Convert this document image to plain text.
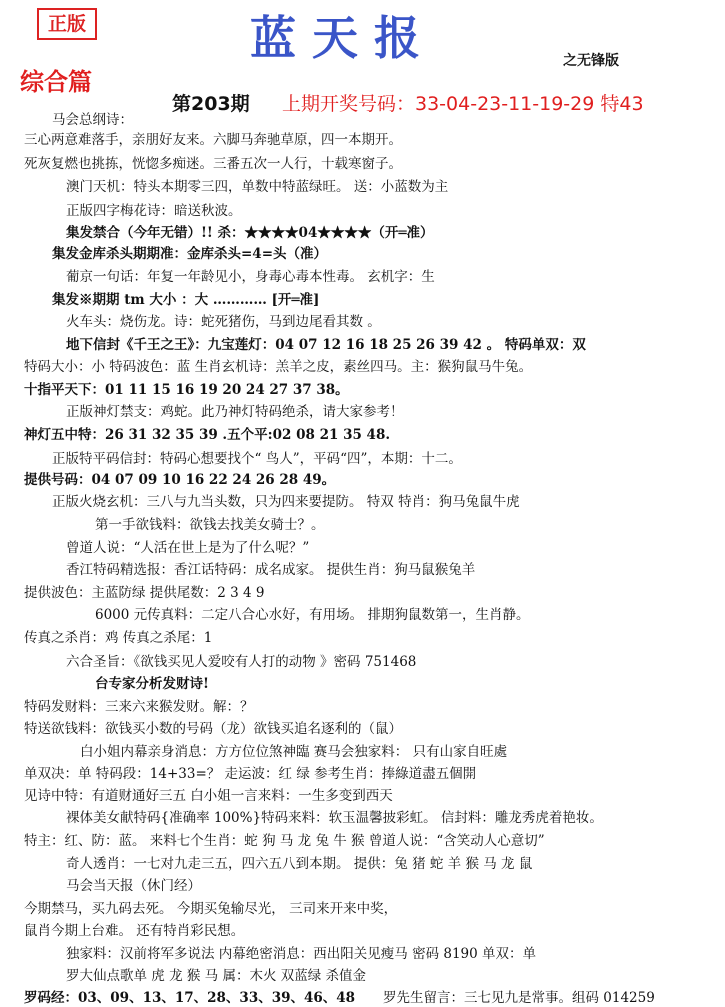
正版	蓝天报	之无锋版
综合篇
第203期 上期开奖号码：33-04-23-11-19-29 特43
马会总纲诗：
三心两意难落手，亲朋好友来。六脚马奔驰草原，四一本期开。
死灰复燃也挑拣，恍惚多痴迷。三番五次一人行，十载寒窗子。
澳门天机：特头本期零三四，单数中特蓝绿旺。 送：小蓝数为主
正版四字梅花诗：暗送秋波。
集发禁合（今年无错）!! 杀：★★★★04★★★★（开═准）
集发金库杀头期期准：金库杀头=4=头（准）
葡京一句话：年复一年龄见小，身毒心毒本性毒。 玄机字：生
集发※期期 tm 大小 ：大 ………… [开═准]
火车头：烧伤龙。诗：蛇死猪伤，马到边尾看其数 。
地下信封《千王之王》：九宝莲灯：04 07 12 16 18 25 26 39 42 。 特码单双：双
特码大小：小 特码波色：蓝 生肖玄机诗：羔羊之皮，素丝四马。主：猴狗鼠马牛兔。
十指平天下：01 11 15 16 19 20 24 27 37 38。
正版神灯禁支：鸡蛇。此乃神灯特码绝杀，请大家参考！
神灯五中特：26 31 32 35 39 .五个平:02 08 21 35 48.
正版特平码信封：特码心想要找个“ 鸟人”，平码“四”，本期：十二。
提供号码：04 07 09 10 16 22 24 26 28 49。
正版火烧玄机：三八与九当头数，只为四来要提防。 特双 特肖：狗马兔鼠牛虎
第一手欲钱料：欲钱去找美女骑士？。
曾道人说：“人活在世上是为了什么呢？”
香江特码精选报：香江话特码：成名成家。 提供生肖：狗马鼠猴兔羊
提供波色：主蓝防绿 提供尾数：2 3 4 9
6000 元传真料：二定八合心水好，有用场。 排期狗鼠数第一，生肖静。
传真之杀肖：鸡 传真之杀尾：1
六合圣旨：《欲钱买见人爱咬有人打的动物 》密码 751468
台专家分析发财诗!
特码发财料：三来六来猴发财。解：？
特送欲钱料：欲钱买小数的号码（龙）欲钱买追名逐利的（鼠）
白小姐内幕亲身消息：方方位位煞神臨 赛马会独家料： 只有山家自旺處
单双决：单 特码段：14+33=？ 走运波：红 绿 参考生肖：捧綠道盡五個開
见诗中特：有道财通好三五 白小姐一言来料：一生多变到西天
裸体美女献特码{准确率 100%}特码来料：软玉温馨披彩虹。 信封料：雕龙秀虎着艳妆。
特主：红、防：蓝。 来料七个生肖：蛇 狗 马 龙 兔 牛 猴 曾道人说：“含笑动人心意切”
奇人透肖：一七对九走三五，四六五八到本期。 提供：兔 猪 蛇 羊 猴 马 龙 鼠
马会当天报（休门经）
今期禁马，买九码去死。 今期买兔输尽光， 三司来开来中奖，
鼠肖今期上台难。 还有特肖彩民想。
独家料：汉前将军多说法 内幕绝密消息：西出阳关见瘦马 密码 8190 单双：单
罗大仙点歌单 虎 龙 猴 马 属：木火 双蓝绿 杀值金
罗码经：03、09、13、17、28、33、39、46、48 罗先生留言：三七见九是常事。组码 014259
